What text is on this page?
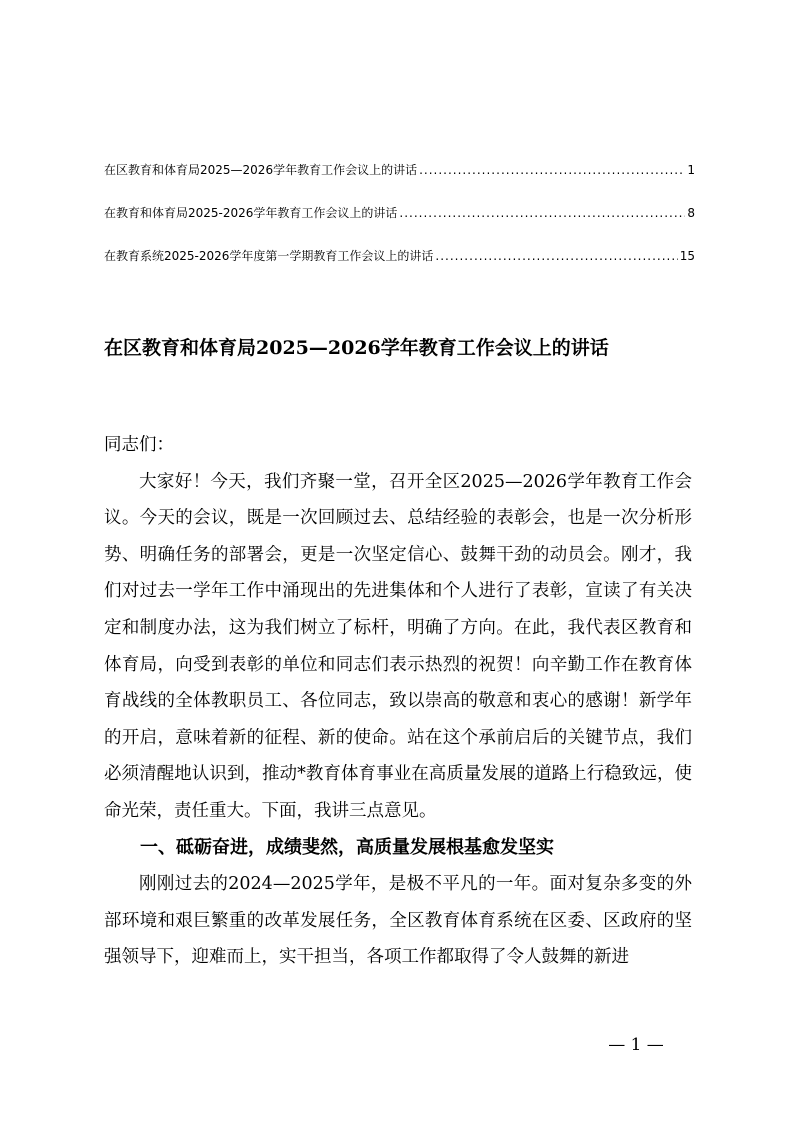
在区教育和体育局2025—2026学年教育工作会议上的讲话 .....	1
在教育和体育局2025-2026学年教育工作会议上的讲话 .....	8
在教育系统2025-2026学年度第一学期教育工作会议上的讲话 .....	15
在区教育和体育局2025—2026学年教育工作会议上的讲话

同志们：

大家好！今天，我们齐聚一堂，召开全区2025—2026学年教育工作会议。今天的会议，既是一次回顾过去、总结经验的表彰会，也是一次分析形势、明确任务的部署会，更是一次坚定信心、鼓舞干劲的动员会。刚才，我们对过去一学年工作中涌现出的先进集体和个人进行了表彰，宣读了有关决定和制度办法，这为我们树立了标杆，明确了方向。在此，我代表区教育和体育局，向受到表彰的单位和同志们表示热烈的祝贺！向辛勤工作在教育体育战线的全体教职员工、各位同志，致以崇高的敬意和衷心的感谢！新学年的开启，意味着新的征程、新的使命。站在这个承前启后的关键节点，我们必须清醒地认识到，推动*教育体育事业在高质量发展的道路上行稳致远，使命光荣，责任重大。下面，我讲三点意见。

一、砥砺奋进，成绩斐然，高质量发展根基愈发坚实

刚刚过去的2024—2025学年，是极不平凡的一年。面对复杂多变的外部环境和艰巨繁重的改革发展任务，全区教育体育系统在区委、区政府的坚强领导下，迎难而上，实干担当，各项工作都取得了令人鼓舞的新进

— 1 —
